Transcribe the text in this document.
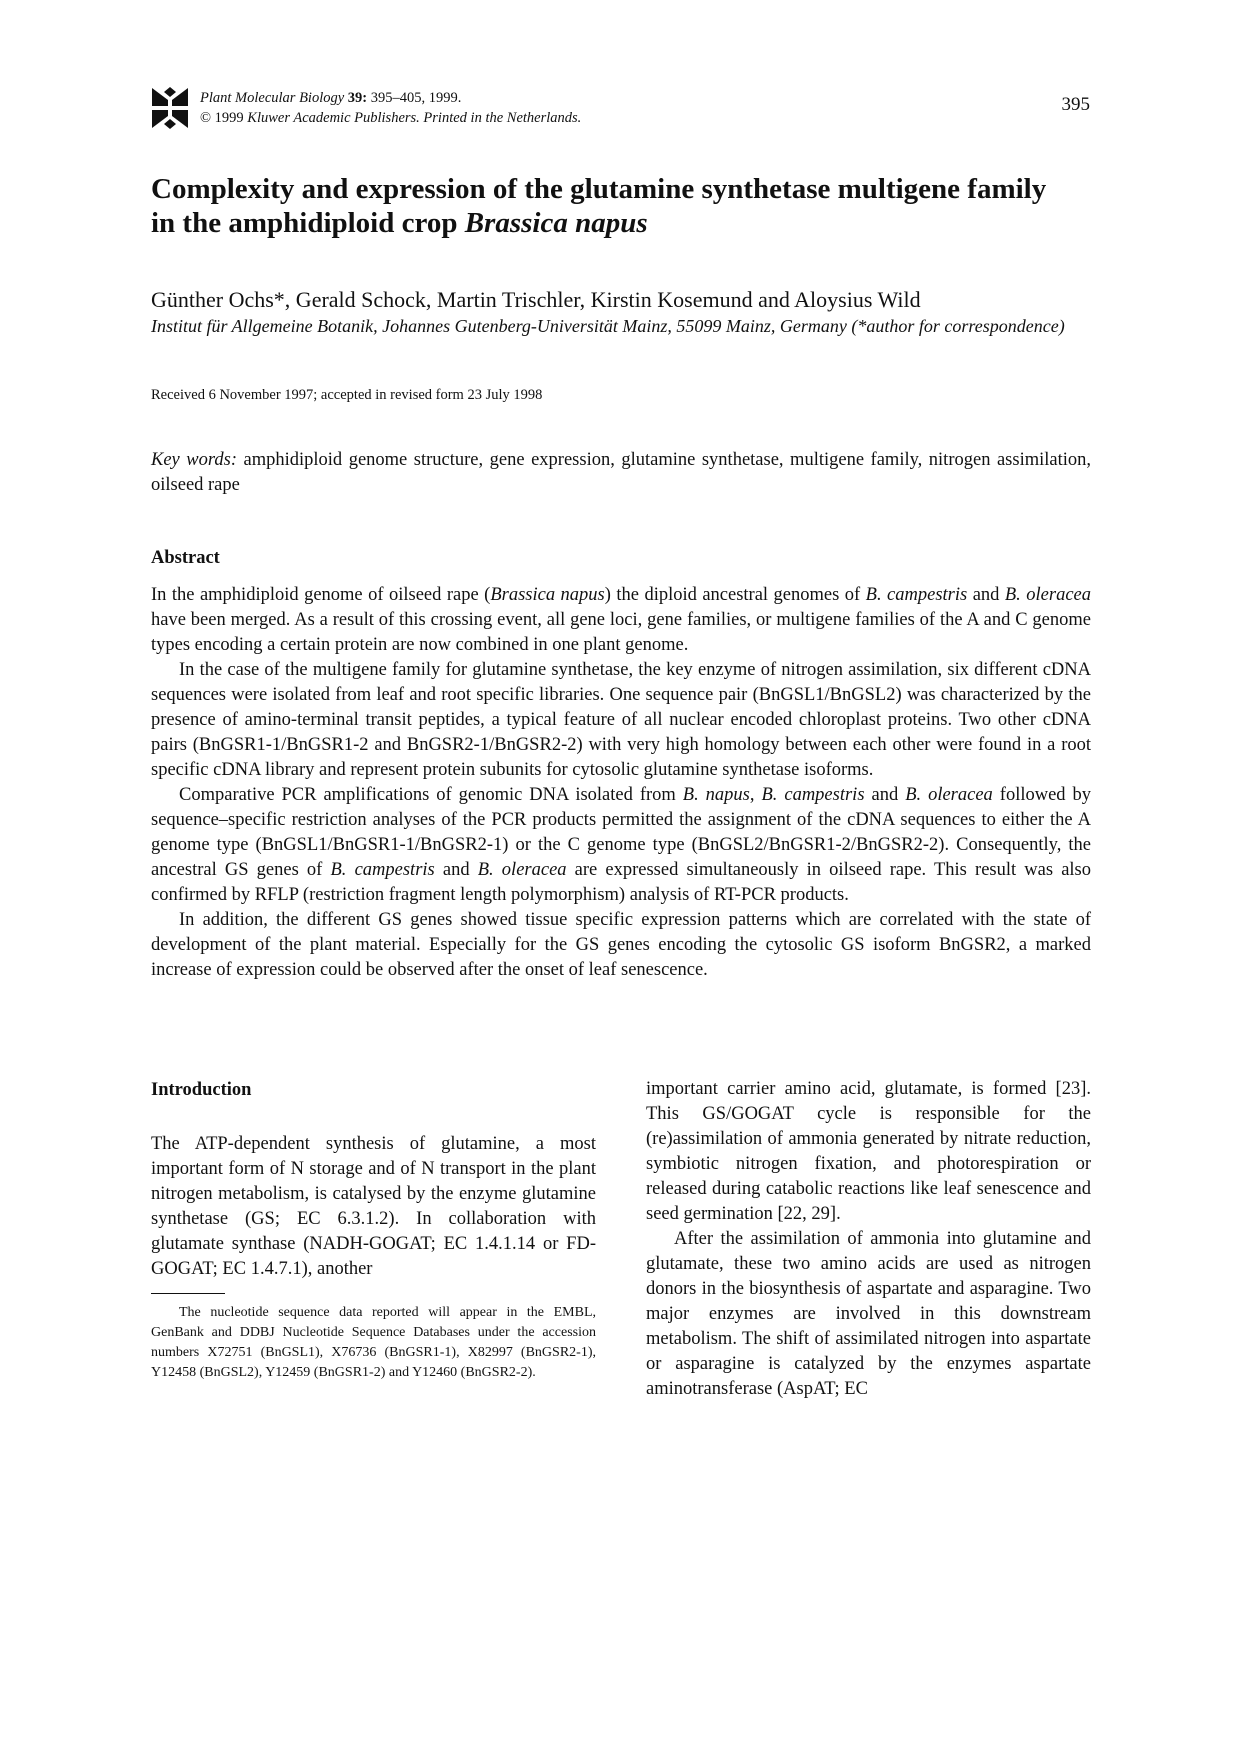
Plant Molecular Biology 39: 395–405, 1999.
© 1999 Kluwer Academic Publishers. Printed in the Netherlands.
395
Complexity and expression of the glutamine synthetase multigene family
in the amphidiploid crop Brassica napus
Günther Ochs*, Gerald Schock, Martin Trischler, Kirstin Kosemund and Aloysius Wild
Institut für Allgemeine Botanik, Johannes Gutenberg-Universität Mainz, 55099 Mainz, Germany (*author for correspondence)
Received 6 November 1997; accepted in revised form 23 July 1998
Key words: amphidiploid genome structure, gene expression, glutamine synthetase, multigene family, nitrogen assimilation, oilseed rape
Abstract

In the amphidiploid genome of oilseed rape (Brassica napus) the diploid ancestral genomes of B. campestris and B. oleracea have been merged. As a result of this crossing event, all gene loci, gene families, or multigene families of the A and C genome types encoding a certain protein are now combined in one plant genome.

In the case of the multigene family for glutamine synthetase, the key enzyme of nitrogen assimilation, six different cDNA sequences were isolated from leaf and root specific libraries. One sequence pair (BnGSL1/BnGSL2) was characterized by the presence of amino-terminal transit peptides, a typical feature of all nuclear encoded chloroplast proteins. Two other cDNA pairs (BnGSR1-1/BnGSR1-2 and BnGSR2-1/BnGSR2-2) with very high homology between each other were found in a root specific cDNA library and represent protein subunits for cytosolic glutamine synthetase isoforms.

Comparative PCR amplifications of genomic DNA isolated from B. napus, B. campestris and B. oleracea followed by sequence–specific restriction analyses of the PCR products permitted the assignment of the cDNA sequences to either the A genome type (BnGSL1/BnGSR1-1/BnGSR2-1) or the C genome type (BnGSL2/BnGSR1-2/BnGSR2-2). Consequently, the ancestral GS genes of B. campestris and B. oleracea are expressed simultaneously in oilseed rape. This result was also confirmed by RFLP (restriction fragment length polymorphism) analysis of RT-PCR products.

In addition, the different GS genes showed tissue specific expression patterns which are correlated with the state of development of the plant material. Especially for the GS genes encoding the cytosolic GS isoform BnGSR2, a marked increase of expression could be observed after the onset of leaf senescence.

Introduction
The ATP-dependent synthesis of glutamine, a most important form of N storage and of N transport in the plant nitrogen metabolism, is catalysed by the enzyme glutamine synthetase (GS; EC 6.3.1.2). In collaboration with glutamate synthase (NADH-GOGAT; EC 1.4.1.14 or FD-GOGAT; EC 1.4.7.1), another
The nucleotide sequence data reported will appear in the EMBL, GenBank and DDBJ Nucleotide Sequence Databases under the accession numbers X72751 (BnGSL1), X76736 (BnGSR1-1), X82997 (BnGSR2-1), Y12458 (BnGSL2), Y12459 (BnGSR1-2) and Y12460 (BnGSR2-2).

important carrier amino acid, glutamate, is formed [23]. This GS/GOGAT cycle is responsible for the (re)assimilation of ammonia generated by nitrate reduction, symbiotic nitrogen fixation, and photorespiration or released during catabolic reactions like leaf senescence and seed germination [22, 29].

After the assimilation of ammonia into glutamine and glutamate, these two amino acids are used as nitrogen donors in the biosynthesis of aspartate and asparagine. Two major enzymes are involved in this downstream metabolism. The shift of assimilated nitrogen into aspartate or asparagine is catalyzed by the enzymes aspartate aminotransferase (AspAT; EC
